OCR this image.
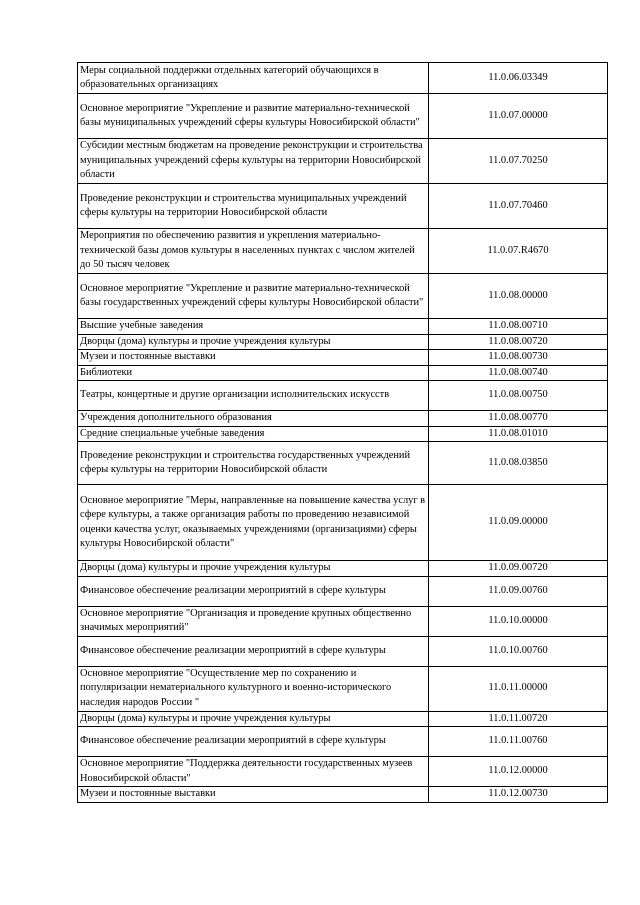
Меры социальной поддержки отдельных категорий обучающихся в образовательных организациях	11.0.06.03349
Основное мероприятие "Укрепление и развитие материально-технической базы муниципальных учреждений сферы культуры Новосибирской области"	11.0.07.00000
Субсидии местным бюджетам на проведение реконструкции и строительства муниципальных учреждений сферы культуры на территории Новосибирской области	11.0.07.70250
Проведение реконструкции и строительства муниципальных учреждений сферы культуры на территории Новосибирской области	11.0.07.70460
Мероприятия по обеспечению развития и укрепления материально-технической базы домов культуры в населенных пунктах с числом жителей до 50 тысяч человек	11.0.07.R4670
Основное мероприятие "Укрепление и развитие материально-технической базы государственных учреждений сферы культуры Новосибирской области"	11.0.08.00000
Высшие учебные заведения	11.0.08.00710
Дворцы (дома) культуры и прочие учреждения культуры	11.0.08.00720
Музеи и постоянные выставки	11.0.08.00730
Библиотеки	11.0.08.00740
Театры, концертные и другие организации исполнительских искусств	11.0.08.00750
Учреждения дополнительного образования	11.0.08.00770
Средние специальные учебные заведения	11.0.08.01010
Проведение реконструкции и строительства государственных учреждений сферы культуры на территории Новосибирской области	11.0.08.03850
Основное мероприятие "Меры, направленные на повышение качества услуг в сфере культуры, а также организация работы по проведению независимой оценки качества услуг, оказываемых учреждениями (организациями) сферы культуры Новосибирской области"	11.0.09.00000
Дворцы (дома) культуры и прочие учреждения культуры	11.0.09.00720
Финансовое обеспечение реализации мероприятий в сфере культуры	11.0.09.00760
Основное мероприятие "Организация и проведение крупных общественно значимых мероприятий"	11.0.10.00000
Финансовое обеспечение реализации мероприятий в сфере культуры	11.0.10.00760
Основное мероприятие "Осуществление мер по сохранению и популяризации нематериального культурного и военно-исторического наследия народов России "	11.0.11.00000
Дворцы (дома) культуры и прочие учреждения культуры	11.0.11.00720
Финансовое обеспечение реализации мероприятий в сфере культуры	11.0.11.00760
Основное мероприятие "Поддержка деятельности государственных музеев Новосибирской области"	11.0.12.00000
Музеи и постоянные выставки	11.0.12.00730
